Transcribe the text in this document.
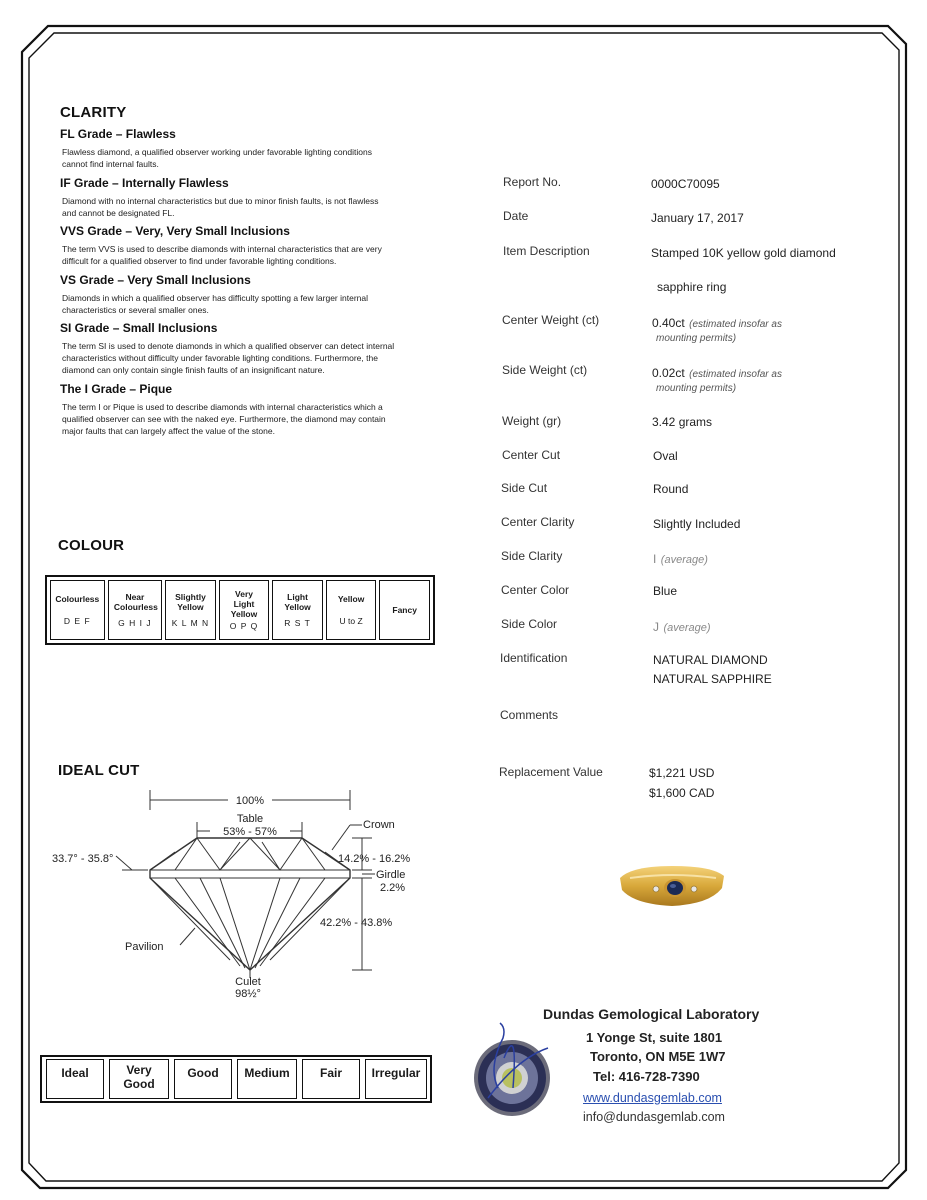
CLARITY
FL Grade – Flawless
Flawless diamond, a qualified observer working under favorable lighting conditions
cannot find internal faults.
IF Grade – Internally Flawless
Diamond with no internal characteristics but due to minor finish faults, is not flawless
and cannot be designated FL.
VVS Grade – Very, Very Small Inclusions
The term VVS is used to describe diamonds with internal characteristics that are very
difficult for a qualified observer to find under favorable lighting conditions.
VS Grade – Very Small Inclusions
Diamonds in which a qualified observer has difficulty spotting a few larger internal
characteristics or several smaller ones.
SI Grade – Small Inclusions
The term SI is used to denote diamonds in which a qualified observer can detect internal
characteristics without difficulty under favorable lighting conditions. Furthermore, the
diamond can only contain single finish faults of an insignificant nature.
The I Grade – Pique
The term I or Pique is used to describe diamonds with internal characteristics which a
qualified observer can see with the naked eye. Furthermore, the diamond may contain
major faults that can largely affect the value of the stone.
COLOUR
Colourless
D E F

Near Colourless
G H I J

Slightly Yellow
K L M N

Very Light Yellow
O P Q

Light Yellow
R S T

Yellow
U to Z

Fancy
IDEAL CUT
100%
Table
53% - 57%
Crown
33.7° - 35.8°	14.2% - 16.2%
Girdle
2.2%
42.2% - 43.8%
Pavilion
Culet
98½°
Ideal	Very Good
Good	Medium	Fair	Irregular
Report No.	0000C70095
Date	January 17, 2017
Item Description	Stamped 10K yellow gold diamond
sapphire ring
Center Weight (ct)	0.40ct (estimated insofar as
mounting permits)
Side Weight (ct)	0.02ct (estimated insofar as
mounting permits)
Weight (gr)	3.42 grams
Center Cut	Oval
Side Cut	Round
Center Clarity	Slightly Included
Side Clarity	I (average)
Center Color	Blue
Side Color	J (average)
Identification	NATURAL DIAMOND
NATURAL SAPPHIRE
Comments
Replacement Value	$1,221 USD
$1,600 CAD
Dundas Gemological Laboratory
1 Yonge St, suite 1801
Toronto, ON M5E 1W7
Tel: 416-728-7390
www.dundasgemlab.com
info@dundasgemlab.com
